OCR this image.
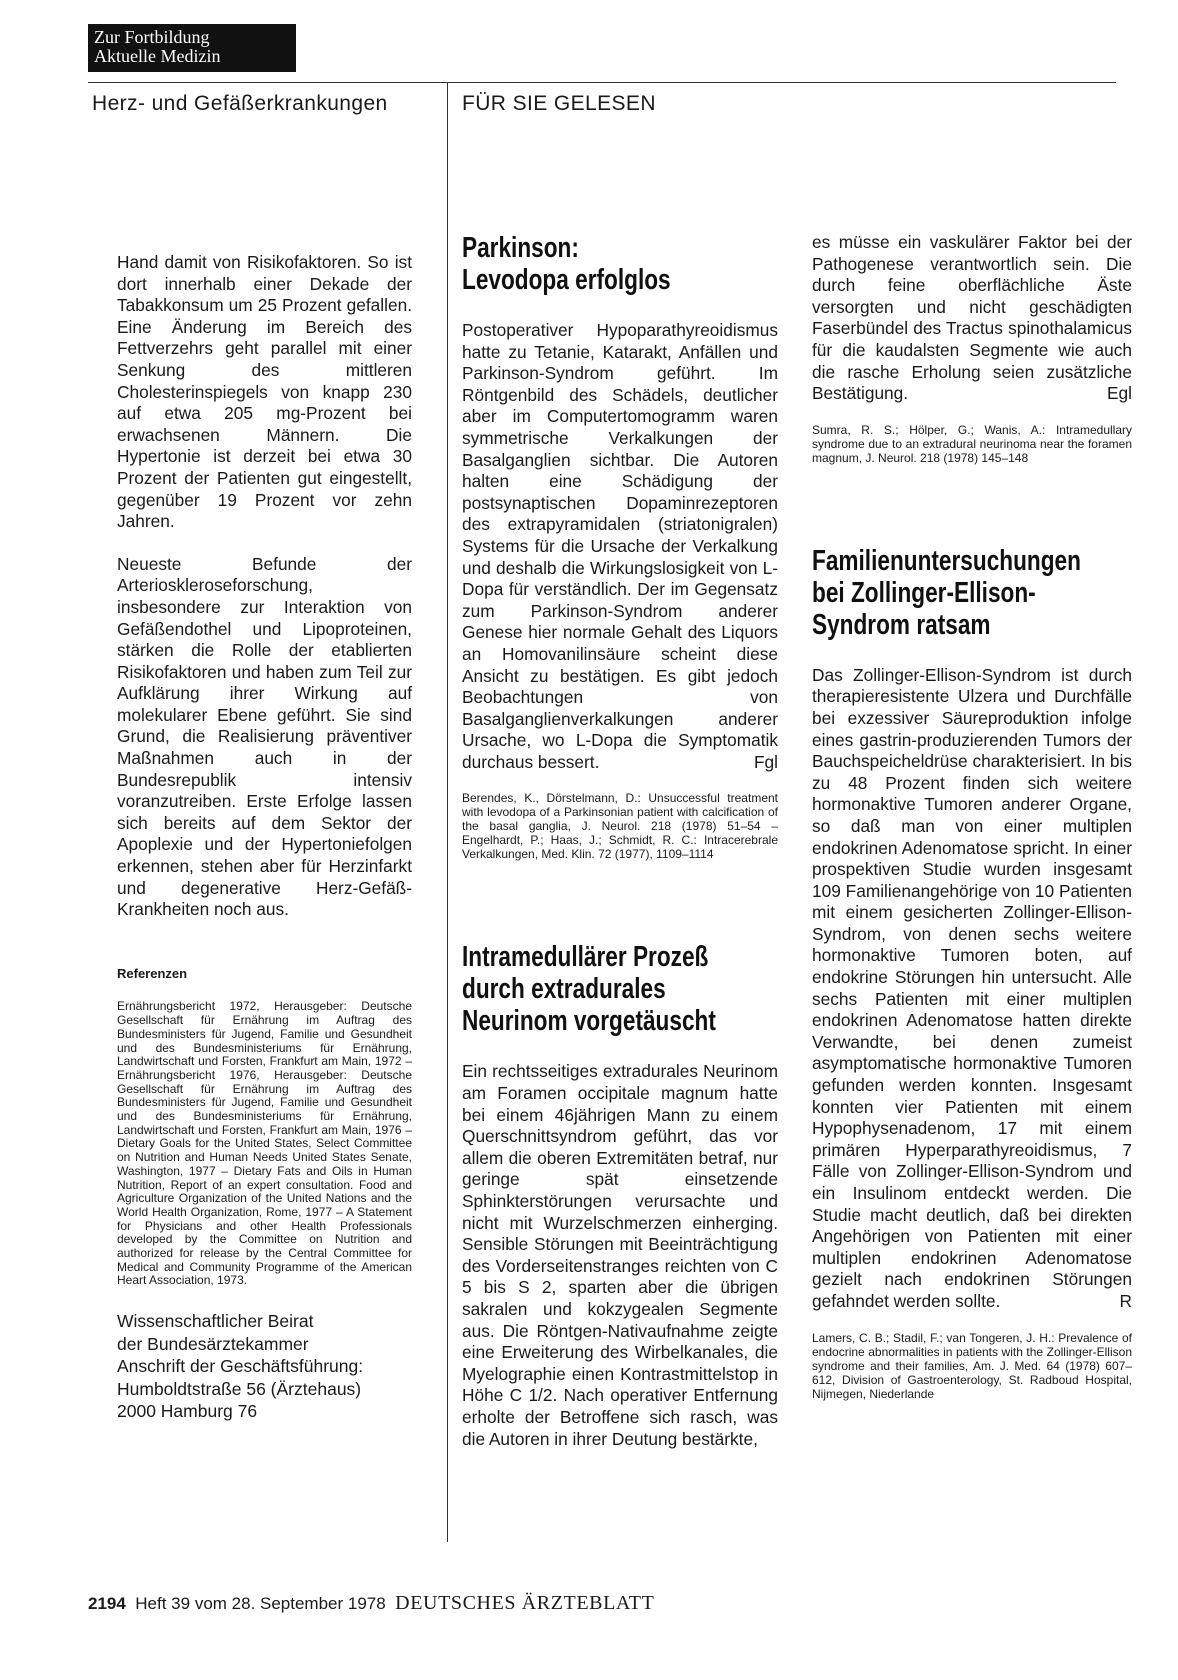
Zur Fortbildung
Aktuelle Medizin
Herz- und Gefäßerkrankungen	FÜR SIE GELESEN

Hand damit von Risikofaktoren. So ist dort innerhalb einer Dekade der Tabakkonsum um 25 Prozent gefallen. Eine Änderung im Bereich des Fettverzehrs geht parallel mit einer Senkung des mittleren Cholesterinspiegels von knapp 230 auf etwa 205 mg-Prozent bei erwachsenen Männern. Die Hypertonie ist derzeit bei etwa 30 Prozent der Patienten gut eingestellt, gegenüber 19 Prozent vor zehn Jahren.

Neueste Befunde der Arterioskleroseforschung, insbesondere zur Interaktion von Gefäßendothel und Lipoproteinen, stärken die Rolle der etablierten Risikofaktoren und haben zum Teil zur Aufklärung ihrer Wirkung auf molekularer Ebene geführt. Sie sind Grund, die Realisierung präventiver Maßnahmen auch in der Bundesrepublik intensiv voranzutreiben. Erste Erfolge lassen sich bereits auf dem Sektor der Apoplexie und der Hypertoniefolgen erkennen, stehen aber für Herzinfarkt und degenerative Herz-Gefäß-Krankheiten noch aus.

Referenzen
Ernährungsbericht 1972, Herausgeber: Deutsche Gesellschaft für Ernährung im Auftrag des Bundesministers für Jugend, Familie und Gesundheit und des Bundesministeriums für Ernährung, Landwirtschaft und Forsten, Frankfurt am Main, 1972 – Ernährungsbericht 1976, Herausgeber: Deutsche Gesellschaft für Ernährung im Auftrag des Bundesministers für Jugend, Familie und Gesundheit und des Bundesministeriums für Ernährung, Landwirtschaft und Forsten, Frankfurt am Main, 1976 – Dietary Goals for the United States, Select Committee on Nutrition and Human Needs United States Senate, Washington, 1977 – Dietary Fats and Oils in Human Nutrition, Report of an expert consultation. Food and Agriculture Organization of the United Nations and the World Health Organization, Rome, 1977 – A Statement for Physicians and other Health Professionals developed by the Committee on Nutrition and authorized for release by the Central Committee for Medical and Community Programme of the American Heart Association, 1973.
Wissenschaftlicher Beirat
der Bundesärztekammer
Anschrift der Geschäftsführung:
Humboldtstraße 56 (Ärztehaus)
2000 Hamburg 76
Parkinson:
Levodopa erfolglos

Postoperativer Hypoparathyreoidismus hatte zu Tetanie, Katarakt, Anfällen und Parkinson-Syndrom geführt. Im Röntgenbild des Schädels, deutlicher aber im Computertomogramm waren symmetrische Verkalkungen der Basalganglien sichtbar. Die Autoren halten eine Schädigung der postsynaptischen Dopaminrezeptoren des extrapyramidalen (striatonigralen) Systems für die Ursache der Verkalkung und deshalb die Wirkungslosigkeit von L-Dopa für verständlich. Der im Gegensatz zum Parkinson-Syndrom anderer Genese hier normale Gehalt des Liquors an Homovanilinsäure scheint diese Ansicht zu bestätigen. Es gibt jedoch Beobachtungen von Basalganglienverkalkungen anderer Ursache, wo L-Dopa die Symptomatik durchaus bessert.	Fgl
Berendes, K., Dörstelmann, D.: Unsuccessful treatment with levodopa of a Parkinsonian patient with calcification of the basal ganglia, J. Neurol. 218 (1978) 51–54 – Engelhardt, P.; Haas, J.; Schmidt, R. C.: Intracerebrale Verkalkungen, Med. Klin. 72 (1977), 1109–1114
Intramedullärer Prozeß
durch extradurales
Neurinom vorgetäuscht

Ein rechtsseitiges extradurales Neurinom am Foramen occipitale magnum hatte bei einem 46jährigen Mann zu einem Querschnittsyndrom geführt, das vor allem die oberen Extremitäten betraf, nur geringe spät einsetzende Sphinkterstörungen verursachte und nicht mit Wurzelschmerzen einherging. Sensible Störungen mit Beeinträchtigung des Vorderseitenstranges reichten von C 5 bis S 2, sparten aber die übrigen sakralen und kokzygealen Segmente aus. Die Röntgen-Nativaufnahme zeigte eine Erweiterung des Wirbelkanales, die Myelographie einen Kontrastmittelstop in Höhe C 1/2. Nach operativer Entfernung erholte der Betroffene sich rasch, was die Autoren in ihrer Deutung bestärkte,

es müsse ein vaskulärer Faktor bei der Pathogenese verantwortlich sein. Die durch feine oberflächliche Äste versorgten und nicht geschädigten Faserbündel des Tractus spinothalamicus für die kaudalsten Segmente wie auch die rasche Erholung seien zusätzliche Bestätigung.	Egl
Sumra, R. S.; Hölper, G.; Wanis, A.: Intramedullary syndrome due to an extradural neurinoma near the foramen magnum, J. Neurol. 218 (1978) 145–148
Familienuntersuchungen
bei Zollinger-Ellison-
Syndrom ratsam

Das Zollinger-Ellison-Syndrom ist durch therapieresistente Ulzera und Durchfälle bei exzessiver Säureproduktion infolge eines gastrin-produzierenden Tumors der Bauchspeicheldrüse charakterisiert. In bis zu 48 Prozent finden sich weitere hormonaktive Tumoren anderer Organe, so daß man von einer multiplen endokrinen Adenomatose spricht. In einer prospektiven Studie wurden insgesamt 109 Familienangehörige von 10 Patienten mit einem gesicherten Zollinger-Ellison-Syndrom, von denen sechs weitere hormonaktive Tumoren boten, auf endokrine Störungen hin untersucht. Alle sechs Patienten mit einer multiplen endokrinen Adenomatose hatten direkte Verwandte, bei denen zumeist asymptomatische hormonaktive Tumoren gefunden werden konnten. Insgesamt konnten vier Patienten mit einem Hypophysenadenom, 17 mit einem primären Hyperparathyreoidismus, 7 Fälle von Zollinger-Ellison-Syndrom und ein Insulinom entdeckt werden. Die Studie macht deutlich, daß bei direkten Angehörigen von Patienten mit einer multiplen endokrinen Adenomatose gezielt nach endokrinen Störungen gefahndet werden sollte.	R
Lamers, C. B.; Stadil, F.; van Tongeren, J. H.: Prevalence of endocrine abnormalities in patients with the Zollinger-Ellison syndrome and their families, Am. J. Med. 64 (1978) 607–612, Division of Gastroenterology, St. Radboud Hospital, Nijmegen, Niederlande
2194 Heft 39 vom 28. September 1978 DEUTSCHES ÄRZTEBLATT
